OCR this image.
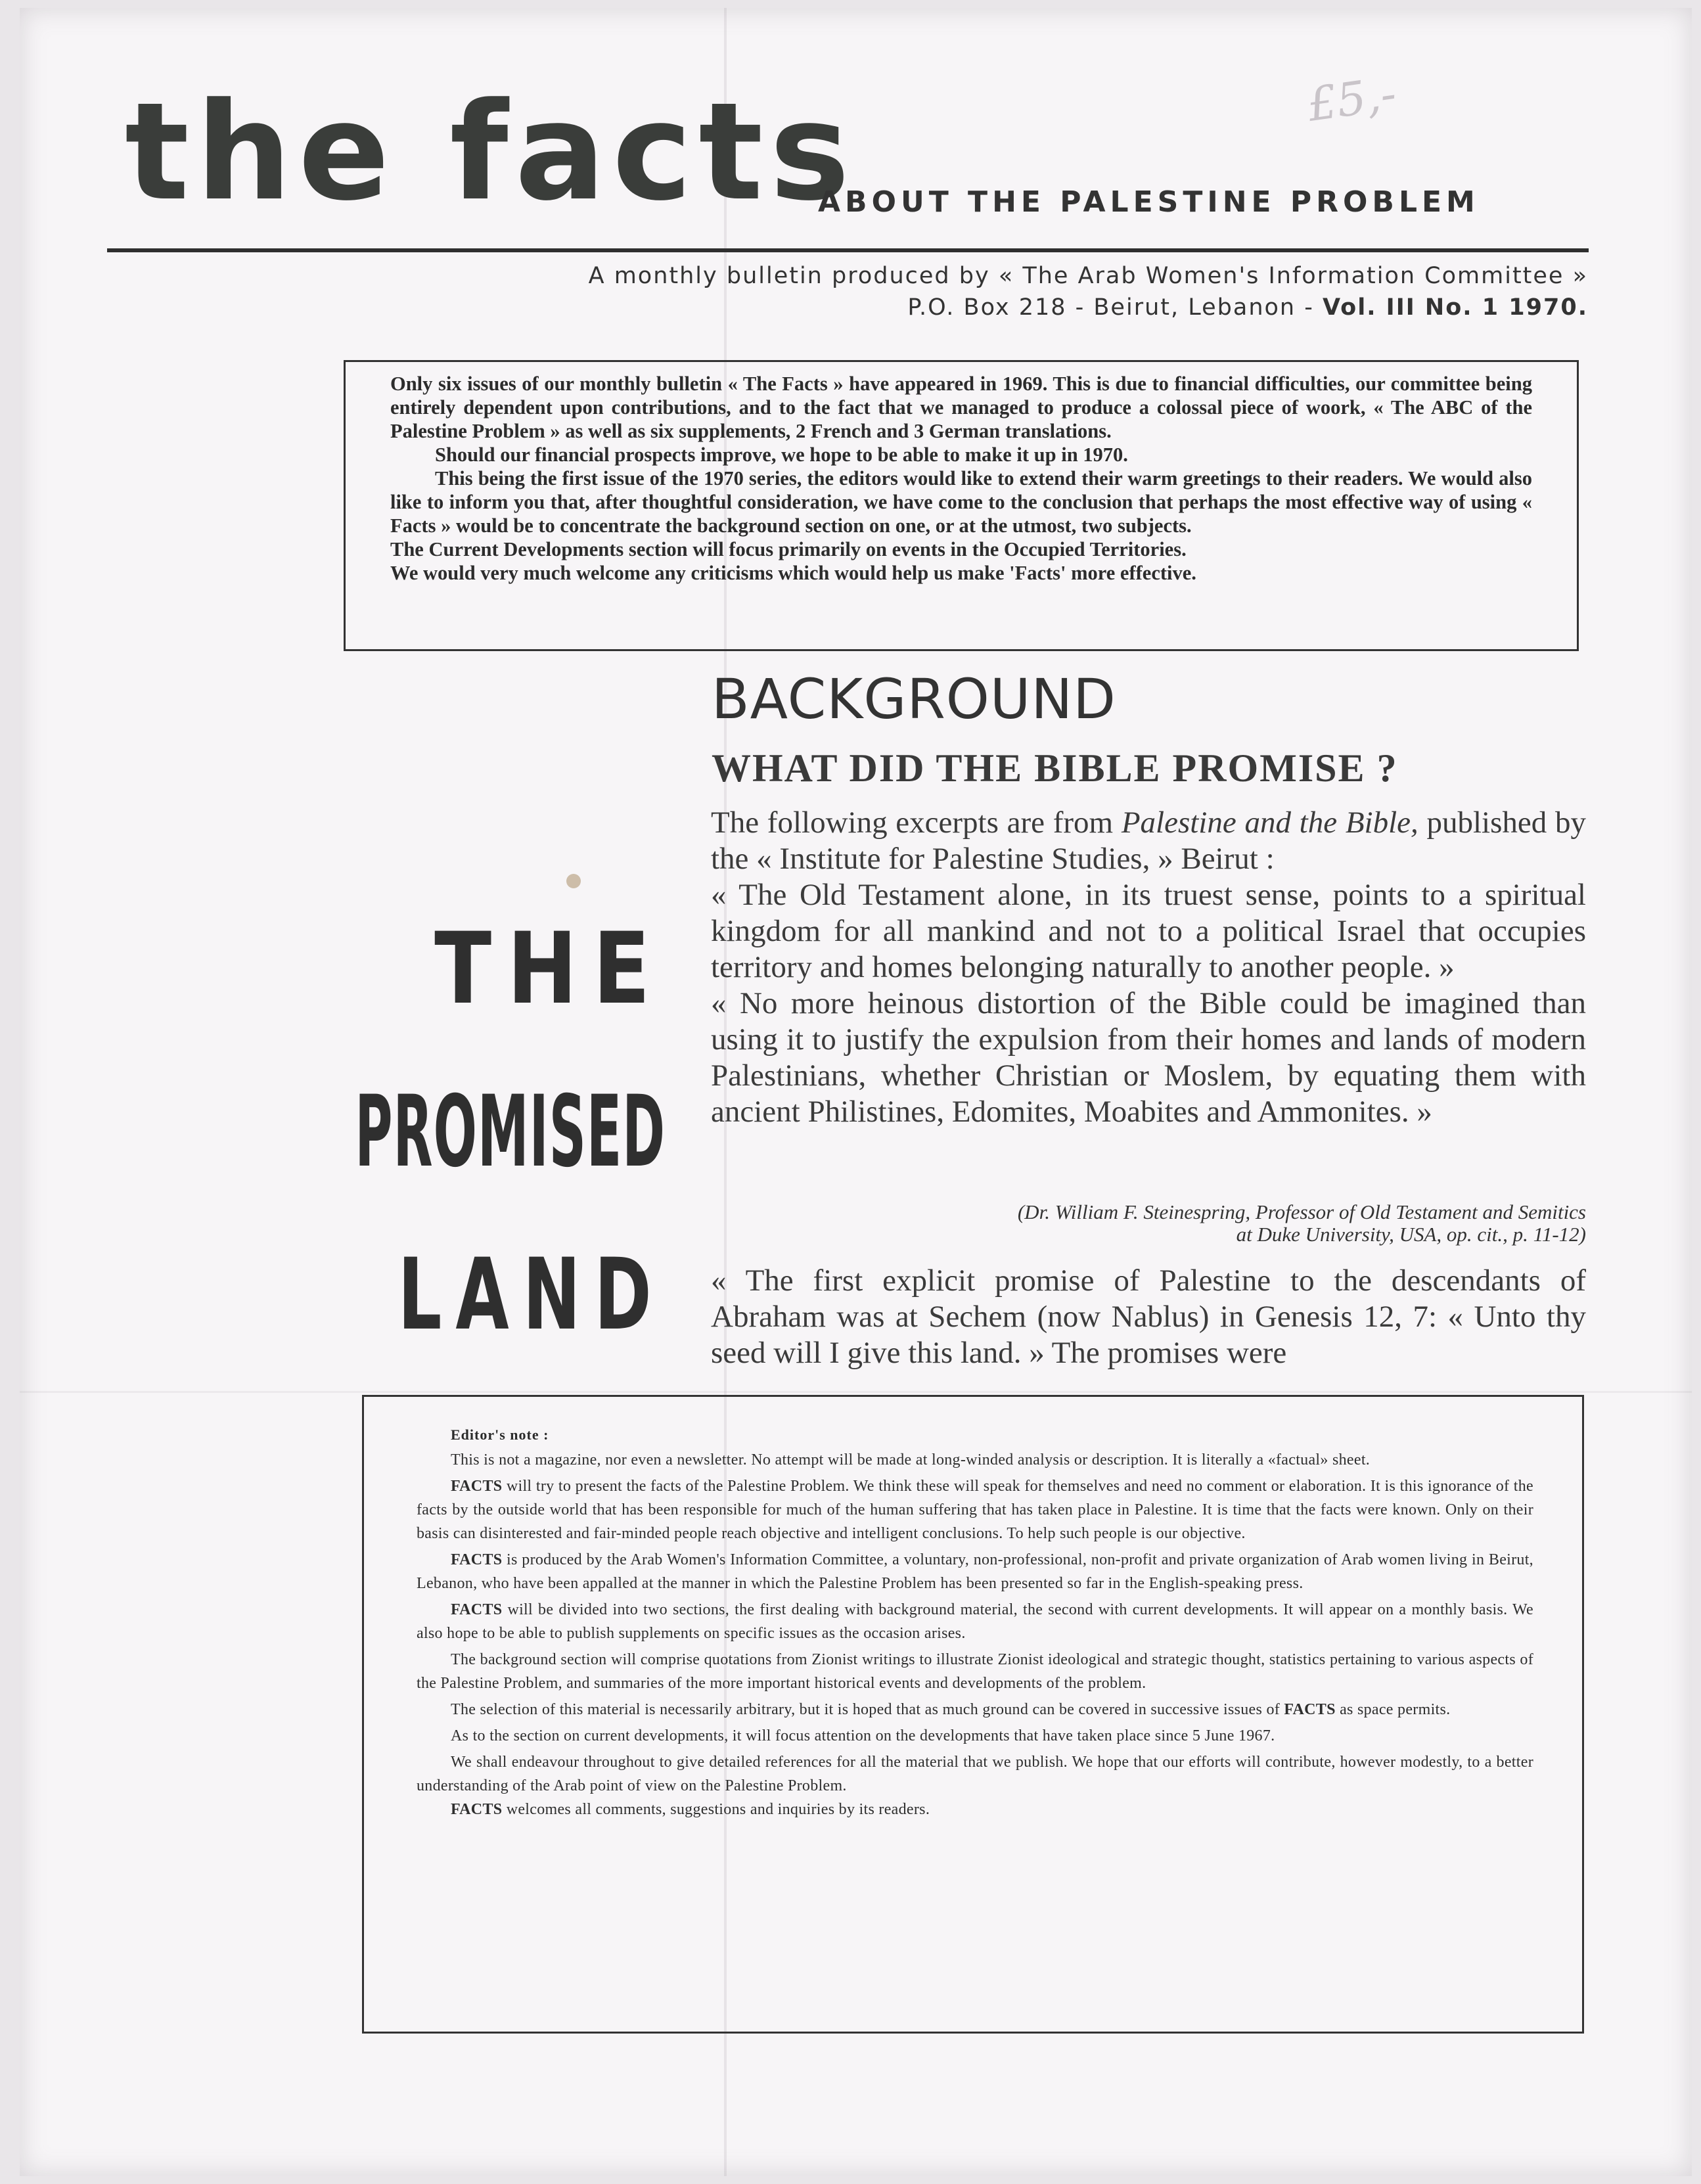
£5,-
the facts
ABOUT THE PALESTINE PROBLEM
A monthly bulletin produced by « The Arab Women's Information Committee »
P.O. Box 218 - Beirut, Lebanon - Vol. III No. 1 1970.

Only six issues of our monthly bulletin « The Facts » have appeared in 1969. This is due to financial difficulties, our committee being entirely dependent upon contributions, and to the fact that we managed to produce a colossal piece of woork, « The ABC of the Palestine Problem » as well as six supplements, 2 French and 3 German translations.

Should our financial prospects improve, we hope to be able to make it up in 1970.

This being the first issue of the 1970 series, the editors would like to extend their warm greetings to their readers. We would also like to inform you that, after thoughtful consideration, we have come to the conclusion that perhaps the most effective way of using « Facts » would be to concentrate the background section on one, or at the utmost, two subjects.

The Current Developments section will focus primarily on events in the Occupied Territories.

We would very much welcome any criticisms which would help us make 'Facts' more effective.

THE
PROMISED
LAND
BACKGROUND
WHAT DID THE BIBLE PROMISE ?

The following excerpts are from Palestine and the Bible, published by the « Institute for Palestine Studies, » Beirut :

« The Old Testament alone, in its truest sense, points to a spiritual kingdom for all mankind and not to a political Israel that occupies territory and homes belonging naturally to another people. »

« No more heinous distortion of the Bible could be imagined than using it to justify the expulsion from their homes and lands of modern Palestinians, whether Christian or Moslem, by equating them with ancient Philistines, Edomites, Moabites and Ammonites. »

(Dr. William F. Steinespring, Professor of Old Testament and Semitics
at Duke University, USA, op. cit., p. 11-12)

« The first explicit promise of Palestine to the descendants of Abraham was at Sechem (now Nablus) in Genesis 12, 7: « Unto thy seed will I give this land. » The promises were

Editor's note :

This is not a magazine, nor even a newsletter. No attempt will be made at long-winded analysis or description. It is literally a «factual» sheet.

FACTS will try to present the facts of the Palestine Problem. We think these will speak for themselves and need no comment or elaboration. It is this ignorance of the facts by the outside world that has been responsible for much of the human suffering that has taken place in Palestine. It is time that the facts were known. Only on their basis can disinterested and fair-minded people reach objective and intelligent conclusions. To help such people is our objective.

FACTS is produced by the Arab Women's Information Committee, a voluntary, non-professional, non-profit and private organization of Arab women living in Beirut, Lebanon, who have been appalled at the manner in which the Palestine Problem has been presented so far in the English-speaking press.

FACTS will be divided into two sections, the first dealing with background material, the second with current developments. It will appear on a monthly basis. We also hope to be able to publish supplements on specific issues as the occasion arises.

The background section will comprise quotations from Zionist writings to illustrate Zionist ideological and strategic thought, statistics pertaining to various aspects of the Palestine Problem, and summaries of the more important historical events and developments of the problem.

The selection of this material is necessarily arbitrary, but it is hoped that as much ground can be covered in successive issues of FACTS as space permits.

As to the section on current developments, it will focus attention on the developments that have taken place since 5 June 1967.

We shall endeavour throughout to give detailed references for all the material that we publish. We hope that our efforts will contribute, however modestly, to a better understanding of the Arab point of view on the Palestine Problem.

FACTS welcomes all comments, suggestions and inquiries by its readers.
